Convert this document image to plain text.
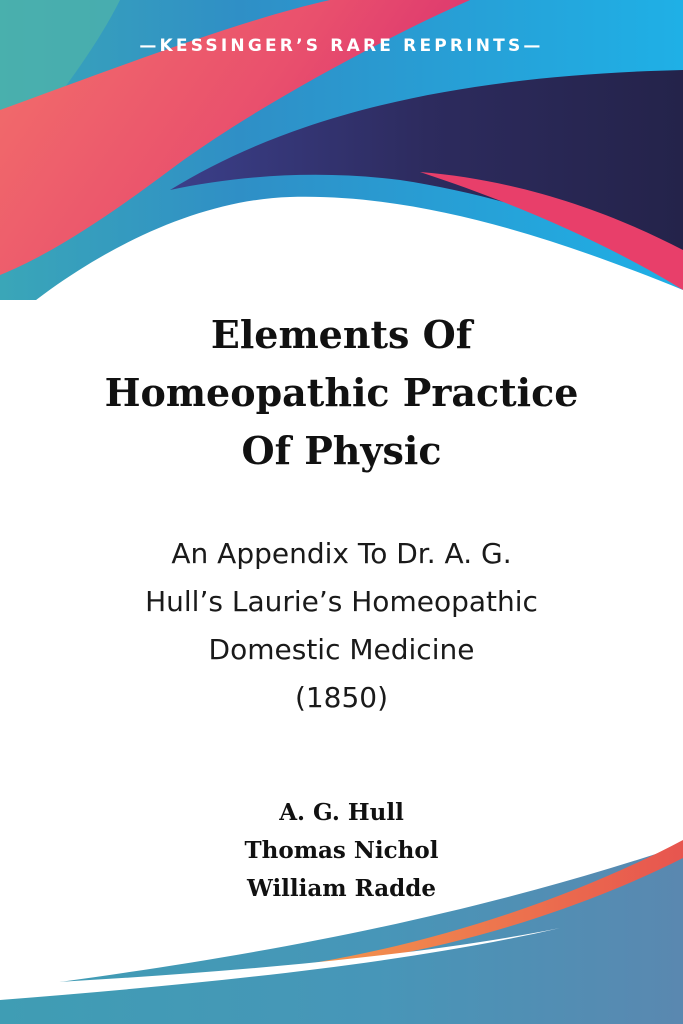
—KESSINGER’S RARE REPRINTS—
Elements Of
Homeopathic Practice
Of Physic
An Appendix To Dr. A. G.
Hull’s Laurie’s Homeopathic
Domestic Medicine
(1850)
A. G. Hull
Thomas Nichol
William Radde
